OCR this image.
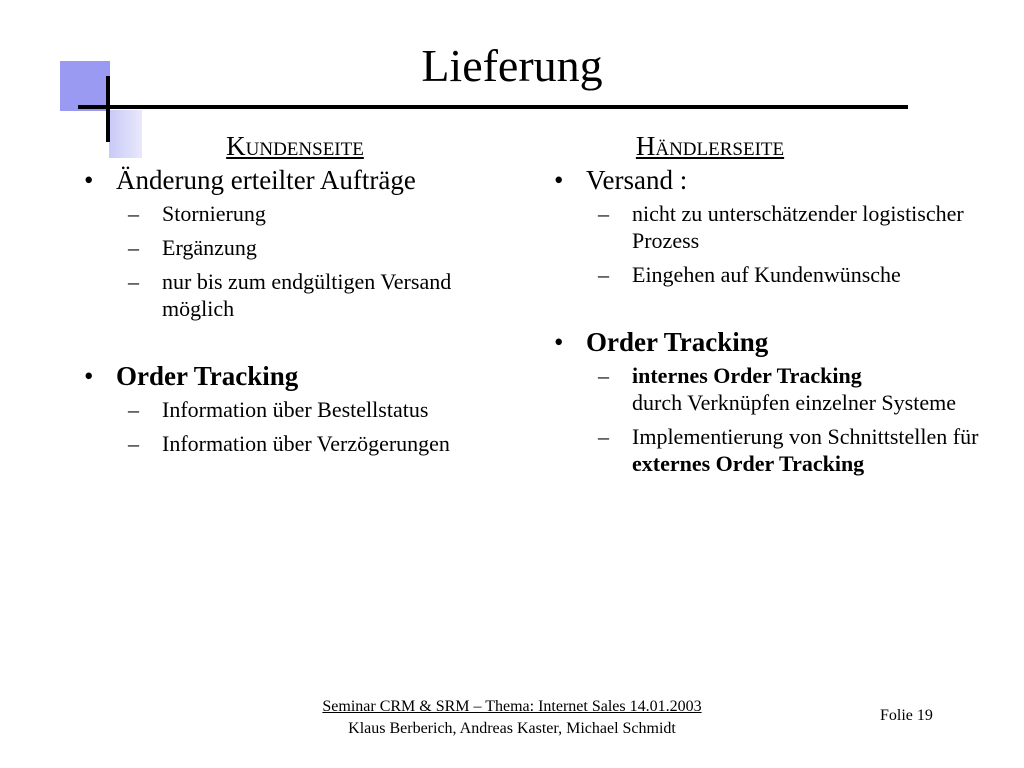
Lieferung
Kundenseite
• Änderung erteilter Aufträge
– Stornierung
– Ergänzung
– nur bis zum endgültigen Versand möglich
• Order Tracking
– Information über Bestellstatus
– Information über Verzögerungen
Händlerseite
• Versand :
– nicht zu unterschätzender logistischer Prozess
– Eingehen auf Kundenwünsche
• Order Tracking
– internes Order Tracking
durch Verknüpfen einzelner Systeme
– Implementierung von Schnittstellen für externes Order Tracking
Seminar CRM & SRM – Thema: Internet Sales 14.01.2003
Klaus Berberich, Andreas Kaster, Michael Schmidt
Folie 19
